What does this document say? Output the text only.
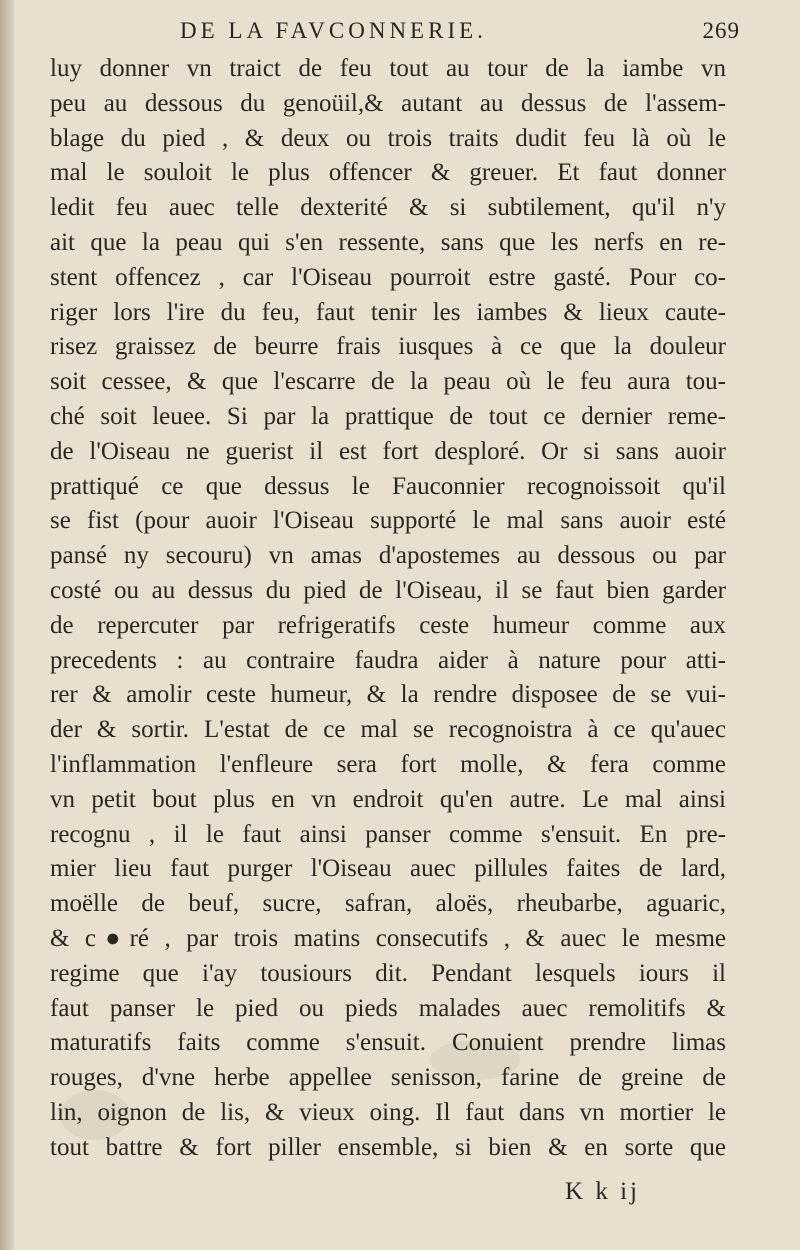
DE LA FAVCONNERIE.	269
luy donner vn traict de feu tout au tour de la iambe vn
peu au dessous du genoüil,& autant au dessus de l'assem-
blage du pied , & deux ou trois traits dudit feu là où le
mal le souloit le plus offencer & greuer. Et faut donner
ledit feu auec telle dexterité & si subtilement, qu'il n'y
ait que la peau qui s'en ressente, sans que les nerfs en re-
stent offencez , car l'Oiseau pourroit estre gasté. Pour co-
riger lors l'ire du feu, faut tenir les iambes & lieux caute-
risez graissez de beurre frais iusques à ce que la douleur
soit cessee, & que l'escarre de la peau où le feu aura tou-
ché soit leuee. Si par la prattique de tout ce dernier reme-
de l'Oiseau ne guerist il est fort desploré. Or si sans auoir
prattiqué ce que dessus le Fauconnier recognoissoit qu'il
se fist (pour auoir l'Oiseau supporté le mal sans auoir esté
pansé ny secouru) vn amas d'apostemes au dessous ou par
costé ou au dessus du pied de l'Oiseau, il se faut bien garder
de repercuter par refrigeratifs ceste humeur comme aux
precedents : au contraire faudra aider à nature pour atti-
rer & amolir ceste humeur, & la rendre disposee de se vui-
der & sortir. L'estat de ce mal se recognoistra à ce qu'auec
l'inflammation l'enfleure sera fort molle, & fera comme
vn petit bout plus en vn endroit qu'en autre. Le mal ainsi
recognu , il le faut ainsi panser comme s'ensuit. En pre-
mier lieu faut purger l'Oiseau auec pillules faites de lard,
moëlle de beuf, sucre, safran, aloës, rheubarbe, aguaric,
& c●ré , par trois matins consecutifs , & auec le mesme
regime que i'ay tousiours dit. Pendant lesquels iours il
faut panser le pied ou pieds malades auec remolitifs &
maturatifs faits comme s'ensuit. Conuient prendre limas
rouges, d'vne herbe appellee senisson, farine de greine de
lin, oignon de lis, & vieux oing. Il faut dans vn mortier le
tout battre & fort piller ensemble, si bien & en sorte que
K k ij
